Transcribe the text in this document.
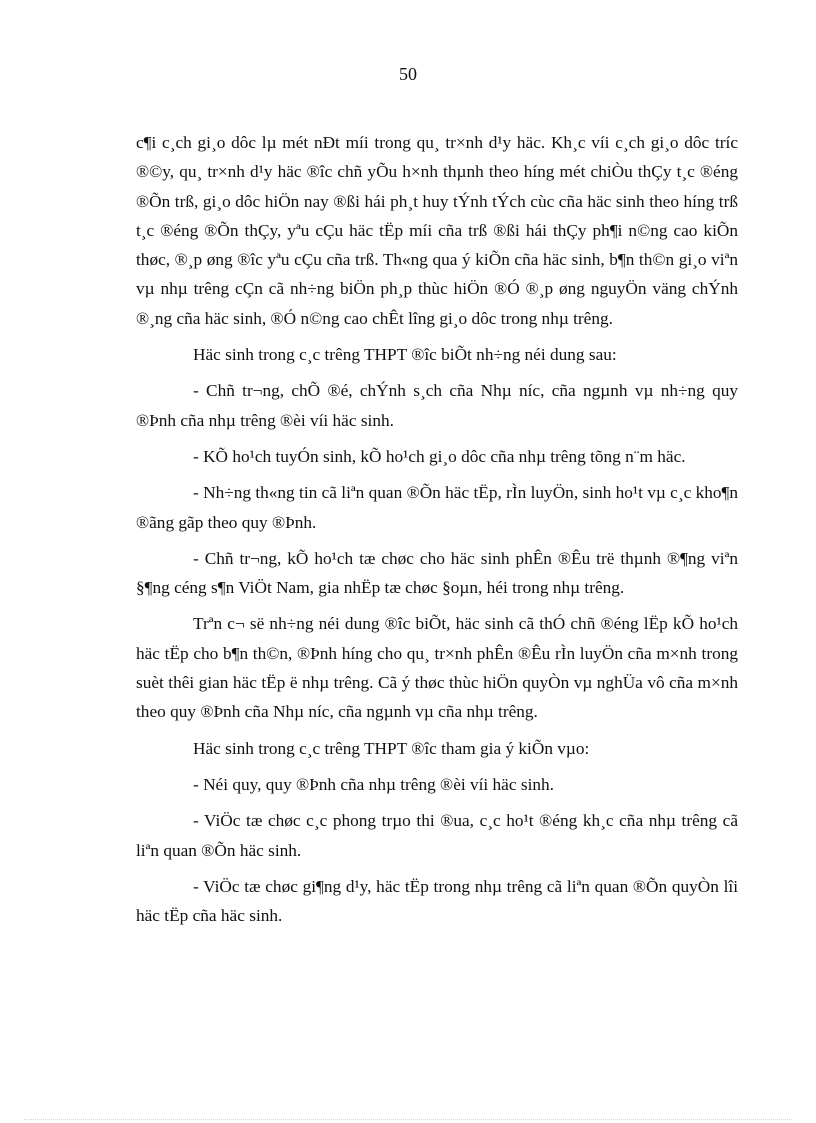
50

c¶i c¸ch gi¸o dôc lµ mét nÐt míi trong qu¸ tr×nh d¹y häc. Kh¸c víi c¸ch gi¸o dôc tríc ®©y, qu¸ tr×nh d¹y häc ®îc chñ yÕu h×nh thµnh theo híng mét chiÒu thÇy t¸c ®éng ®Õn trß, gi¸o dôc hiÖn nay ®ßi hái ph¸t huy tÝnh tÝch cùc cña häc sinh theo híng trß t¸c ®éng ®Õn thÇy, yªu cÇu häc tËp míi cña trß ®ßi hái thÇy ph¶i n©ng cao kiÕn thøc, ®¸p øng ®îc yªu cÇu cña trß. Th«ng qua ý kiÕn cña häc sinh, b¶n th©n gi¸o viªn vµ nhµ trêng cÇn cã nh÷ng biÖn ph¸p thùc hiÖn ®Ó ®¸p øng nguyÖn väng chÝnh ®¸ng cña häc sinh, ®Ó n©ng cao chÊt lîng gi¸o dôc trong nhµ trêng.

Häc sinh trong c¸c trêng THPT ®îc biÕt nh÷ng néi dung sau:

- Chñ tr¬ng, chÕ ®é, chÝnh s¸ch cña Nhµ níc, cña ngµnh vµ nh÷ng quy ®Þnh cña nhµ trêng ®èi víi häc sinh.

- KÕ ho¹ch tuyÓn sinh, kÕ ho¹ch gi¸o dôc cña nhµ trêng tõng n¨m häc.

- Nh÷ng th«ng tin cã liªn quan ®Õn häc tËp, rÌn luyÖn, sinh ho¹t vµ c¸c kho¶n ®ãng gãp theo quy ®Þnh.

- Chñ tr¬ng, kÕ ho¹ch tæ chøc cho häc sinh phÊn ®Êu trë thµnh ®¶ng viªn §¶ng céng s¶n ViÖt Nam, gia nhËp tæ chøc §oµn, héi trong nhµ trêng.

Trªn c¬ së nh÷ng néi dung ®îc biÕt, häc sinh cã thÓ chñ ®éng lËp kÕ ho¹ch häc tËp cho b¶n th©n, ®Þnh híng cho qu¸ tr×nh phÊn ®Êu rÌn luyÖn cña m×nh trong suèt thêi gian häc tËp ë nhµ trêng. Cã ý thøc thùc hiÖn quyÒn vµ nghÜa vô cña m×nh theo quy ®Þnh cña Nhµ níc, cña ngµnh vµ cña nhµ trêng.

Häc sinh trong c¸c trêng THPT ®îc tham gia ý kiÕn vµo:

- Néi quy, quy ®Þnh cña nhµ trêng ®èi víi häc sinh.

- ViÖc tæ chøc c¸c phong trµo thi ®ua, c¸c ho¹t ®éng kh¸c cña nhµ trêng cã liªn quan ®Õn häc sinh.

- ViÖc tæ chøc gi¶ng d¹y, häc tËp trong nhµ trêng cã liªn quan ®Õn quyÒn lîi häc tËp cña häc sinh.
